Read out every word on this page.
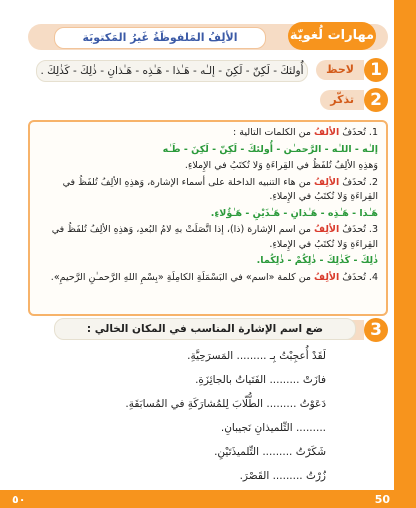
مهارات لُغويّة
الألِفُ المَلفوظَةُ غَيرُ المَكتوبَة
1
لاحظ
أُولئكَ - لَكِنّ - لَكِنَ - إلـٰه - هَـٰذا - هَـٰذِه - هَـٰذانِ - ذٰلِكَ - كَذٰلِكَ .
2
تذكّر

1. تُحذَفُ الألفُ من الكلمات التالية :

إلـٰه - اللـٰه - الرَّحمـٰن - أُولئكَ - لَكِنّ - لَكِنَ - طَـٰه

وَهذِهِ الألِفُ تُلفَظُ في القِراءَةِ وَلا تُكتَبُ في الإِملاءِ.

2. تُحذَفُ الألِفُ من هاء التنبيه الداخلة على أسماء الإشارة، وَهذِهِ الألِفُ تُلفَظُ في القِراءَةِ وَلا تُكتَبُ في الإِملاءِ.

هَـٰذا - هَـٰذِه - هَـٰذانِ - هَـٰذَيْنِ - هَـٰؤُلاءِ.

3. تُحذَفُ الألِفُ من اسم الإشارة (ذا)، إذا اتَّصَلَتْ بهِ لامُ البُعدِ، وَهذِهِ الألِفُ تُلفَظُ في القِراءَةِ وَلا تُكتَبُ في الإِملاءِ.

ذٰلِكَ - كَذٰلِكَ - ذٰلِكُمْ - ذٰلِكُما.

4. تُحذَفُ الألِفُ من كلمة «اسم» في البَسْمَلَةِ الكامِلَةِ «بِسْمِ اللهِ الرَّحمـٰنِ الرَّحيمِ».

3
ضع اسم الإشارة المناسب في المكان الخالي :
لَقَدْ أُعجِبْتُ بِـ ......... المَسرَحِيَّةِ.
فازَتْ ......... الفَتَياتُ بالجائِزَةِ.
دَعَوْتُ ......... الطُّلّابَ لِلمُشارَكَةِ في المُسابَقَةِ.
......... التِّلميذانِ نَجيبانِ.
شَكَرْتُ ......... التِّلميذَتَيْنِ.
زُرْتُ ......... القَصْرَ.
50
٥٠
